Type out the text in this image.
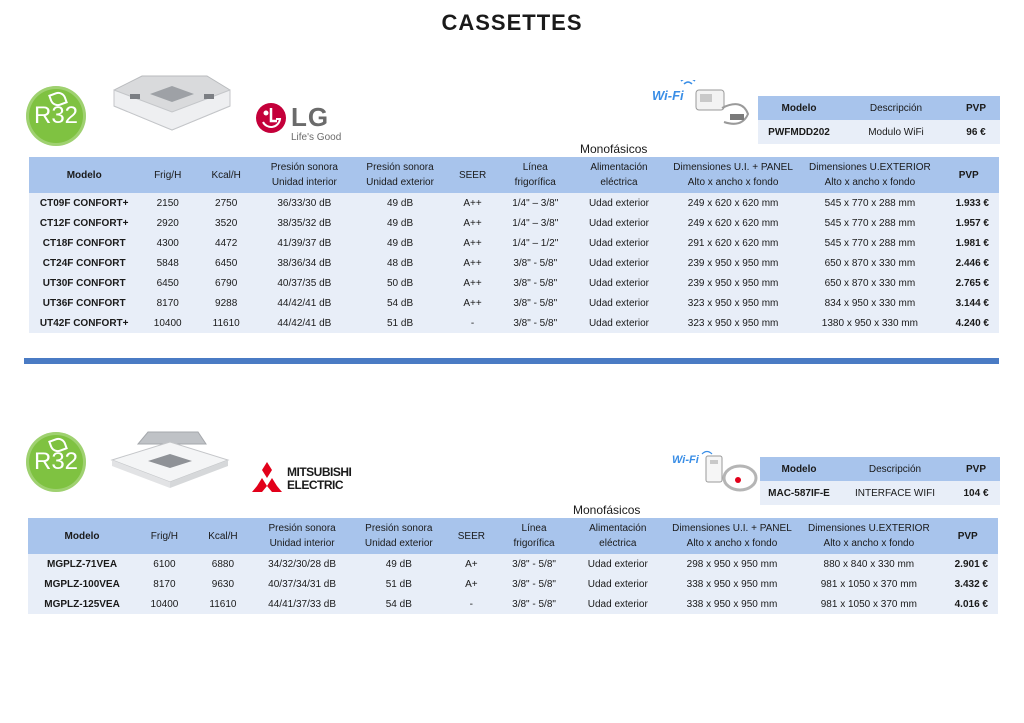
CASSETTES
R32	LG
Life's Good
Wi-Fi
Modelo	Descripción	PVP
PWFMDD202	Modulo WiFi	96 €
Monofásicos
Modelo	Frig/H	Kcal/H	Presión sonora Unidad interior	Presión sonora Unidad exterior	SEER	Línea frigorífica	Alimentación eléctrica	Dimensiones U.I. + PANEL Alto x ancho x fondo	Dimensiones U.EXTERIOR Alto x ancho x fondo	PVP
CT09F CONFORT+	2150	2750	36/33/30 dB	49 dB	A++	1/4" – 3/8"	Udad exterior	249 x 620 x 620 mm	545 x 770 x 288 mm	1.933 €
CT12F CONFORT+	2920	3520	38/35/32 dB	49 dB	A++	1/4" – 3/8"	Udad exterior	249 x 620 x 620 mm	545 x 770 x 288 mm	1.957 €
CT18F CONFORT	4300	4472	41/39/37 dB	49 dB	A++	1/4" – 1/2"	Udad exterior	291 x 620 x 620 mm	545 x 770 x 288 mm	1.981 €
CT24F CONFORT	5848	6450	38/36/34 dB	48 dB	A++	3/8" - 5/8"	Udad exterior	239 x 950 x 950 mm	650 x 870 x 330 mm	2.446 €
UT30F CONFORT	6450	6790	40/37/35 dB	50 dB	A++	3/8" - 5/8"	Udad exterior	239 x 950 x 950 mm	650 x 870 x 330 mm	2.765 €
UT36F CONFORT	8170	9288	44/42/41 dB	54 dB	A++	3/8" - 5/8"	Udad exterior	323 x 950 x 950 mm	834 x 950 x 330 mm	3.144 €
UT42F CONFORT+	10400	11610	44/42/41 dB	51 dB	-	3/8" - 5/8"	Udad exterior	323 x 950 x 950 mm	1380 x 950 x 330 mm	4.240 €
R32	MITSUBISHI
ELECTRIC
Wi-Fi
Modelo	Descripción	PVP
MAC-587IF-E	INTERFACE WIFI	104 €
Monofásicos
Modelo	Frig/H	Kcal/H	Presión sonora Unidad interior	Presión sonora Unidad exterior	SEER	Línea frigorífica	Alimentación eléctrica	Dimensiones U.I. + PANEL Alto x ancho x fondo	Dimensiones U.EXTERIOR Alto x ancho x fondo	PVP
MGPLZ-71VEA	6100	6880	34/32/30/28 dB	49 dB	A+	3/8" - 5/8"	Udad exterior	298 x 950 x 950 mm	880 x 840 x 330 mm	2.901 €
MGPLZ-100VEA	8170	9630	40/37/34/31 dB	51 dB	A+	3/8" - 5/8"	Udad exterior	338 x 950 x 950 mm	981 x 1050 x 370 mm	3.432 €
MGPLZ-125VEA	10400	11610	44/41/37/33 dB	54 dB	-	3/8" - 5/8"	Udad exterior	338 x 950 x 950 mm	981 x 1050 x 370 mm	4.016 €
